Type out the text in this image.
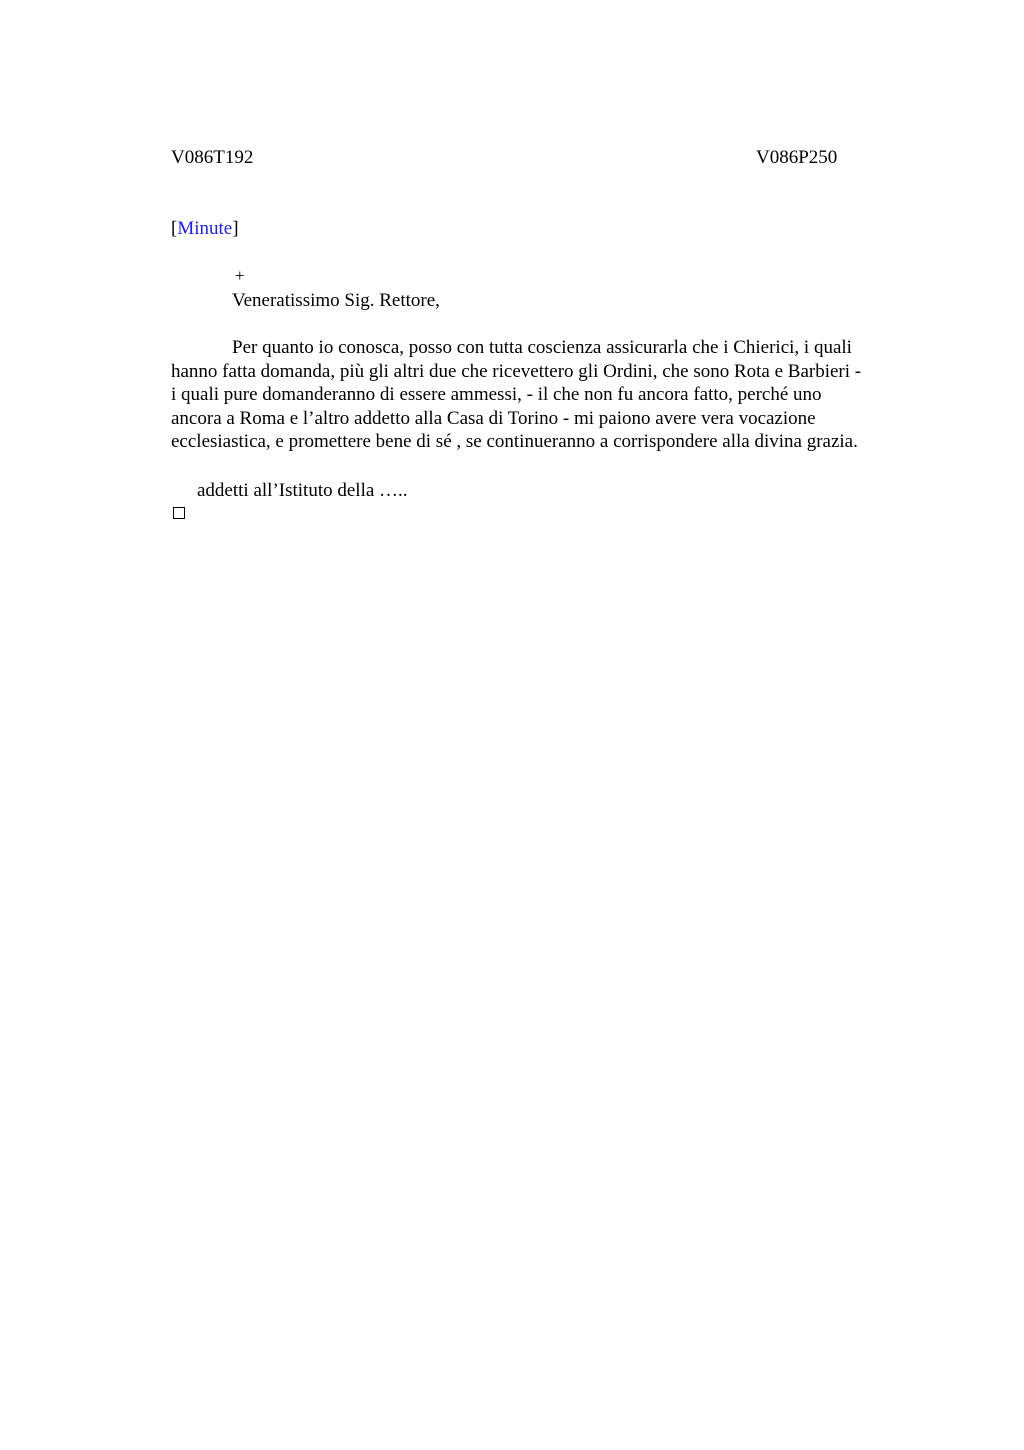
V086T192	V086P250
[Minute]
+
Veneratissimo Sig. Rettore,
Per quanto io conosca, posso con tutta coscienza assicurarla che i Chierici, i quali
hanno fatta domanda, più gli altri due che ricevettero gli Ordini, che sono Rota e Barbieri -
i quali pure domanderanno di essere ammessi, - il che non fu ancora fatto, perché uno
ancora a Roma e l’altro addetto alla Casa di Torino - mi paiono avere vera vocazione
ecclesiastica, e promettere bene di sé , se continueranno a corrispondere alla divina grazia.
addetti all’Istituto della …..
